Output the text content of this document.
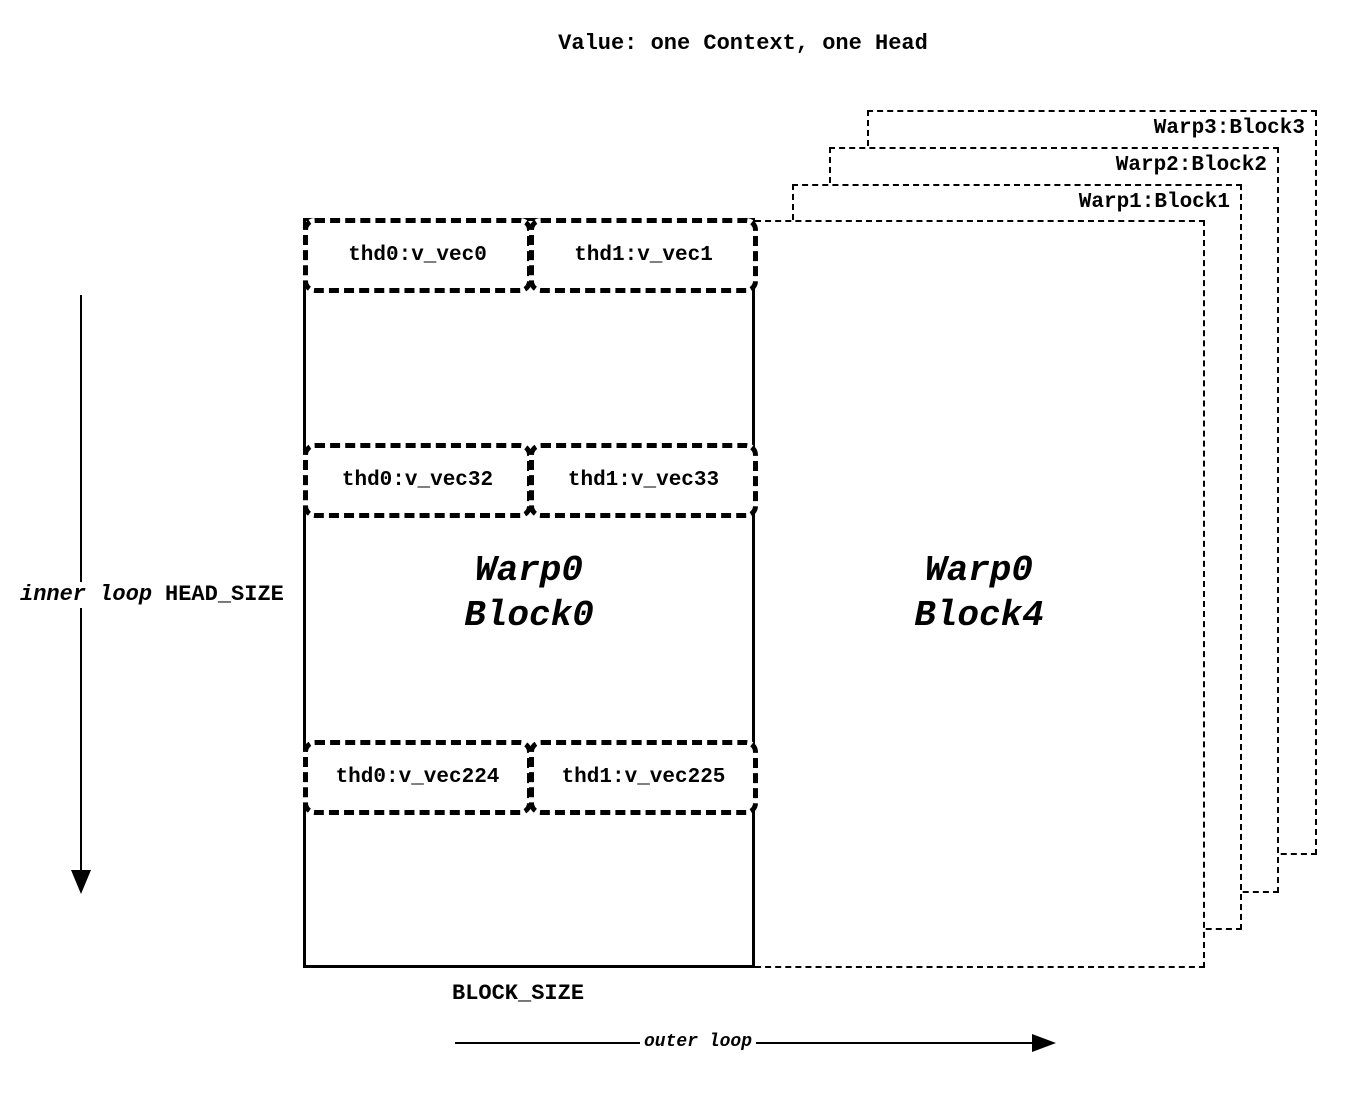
Value: one Context, one Head
Warp3:Block3
Warp2:Block2
Warp1:Block1
Warp0
Block4
thd0:v_vec0	thd1:v_vec1
thd0:v_vec32	thd1:v_vec33
thd0:v_vec224	thd1:v_vec225
Warp0
Block0
inner loop HEAD_SIZE
BLOCK_SIZE
outer loop
